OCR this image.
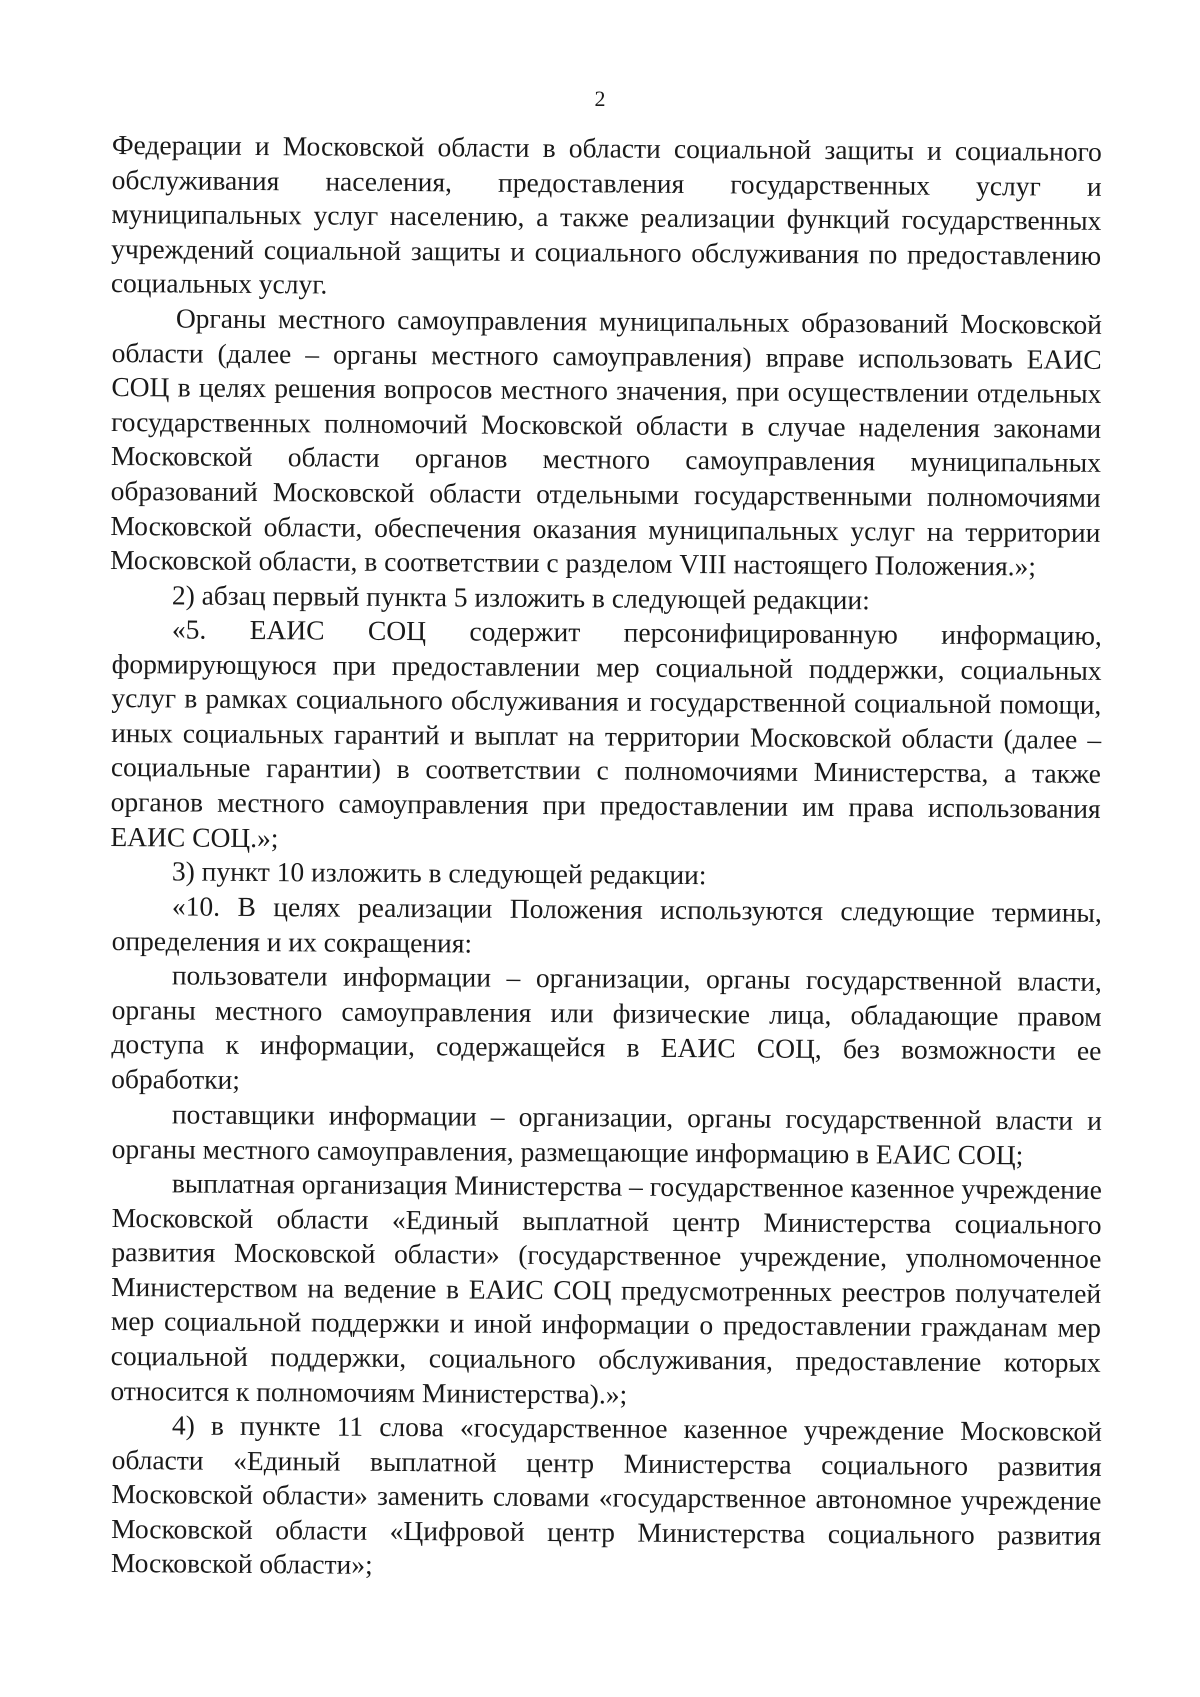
2

Федерации и Московской области в области социальной защиты и социального обслуживания населения, предоставления государственных услуг и муниципальных услуг населению, а также реализации функций государственных учреждений социальной защиты и социального обслуживания по предоставлению социальных услуг.

Органы местного самоуправления муниципальных образований Московской области (далее – органы местного самоуправления) вправе использовать ЕАИС СОЦ в целях решения вопросов местного значения, при осуществлении отдельных государственных полномочий Московской области в случае наделения законами Московской области органов местного самоуправления муниципальных образований Московской области отдельными государственными полномочиями Московской области, обеспечения оказания муниципальных услуг на территории Московской области, в соответствии с разделом VIII настоящего Положения.»;

2) абзац первый пункта 5 изложить в следующей редакции:

«5. ЕАИС СОЦ содержит персонифицированную информацию, формирующуюся при предоставлении мер социальной поддержки, социальных услуг в рамках социального обслуживания и государственной социальной помощи, иных социальных гарантий и выплат на территории Московской области (далее – социальные гарантии) в соответствии с полномочиями Министерства, а также органов местного самоуправления при предоставлении им права использования ЕАИС СОЦ.»;

3) пункт 10 изложить в следующей редакции:

«10. В целях реализации Положения используются следующие термины, определения и их сокращения:

пользователи информации – организации, органы государственной власти, органы местного самоуправления или физические лица, обладающие правом доступа к информации, содержащейся в ЕАИС СОЦ, без возможности ее обработки;

поставщики информации – организации, органы государственной власти и органы местного самоуправления, размещающие информацию в ЕАИС СОЦ;

выплатная организация Министерства – государственное казенное учреждение Московской области «Единый выплатной центр Министерства социального развития Московской области» (государственное учреждение, уполномоченное Министерством на ведение в ЕАИС СОЦ предусмотренных реестров получателей мер социальной поддержки и иной информации о предоставлении гражданам мер социальной поддержки, социального обслуживания, предоставление которых относится к полномочиям Министерства).»;

4) в пункте 11 слова «государственное казенное учреждение Московской области «Единый выплатной центр Министерства социального развития Московской области» заменить словами «государственное автономное учреждение Московской области «Цифровой центр Министерства социального развития Московской области»;
